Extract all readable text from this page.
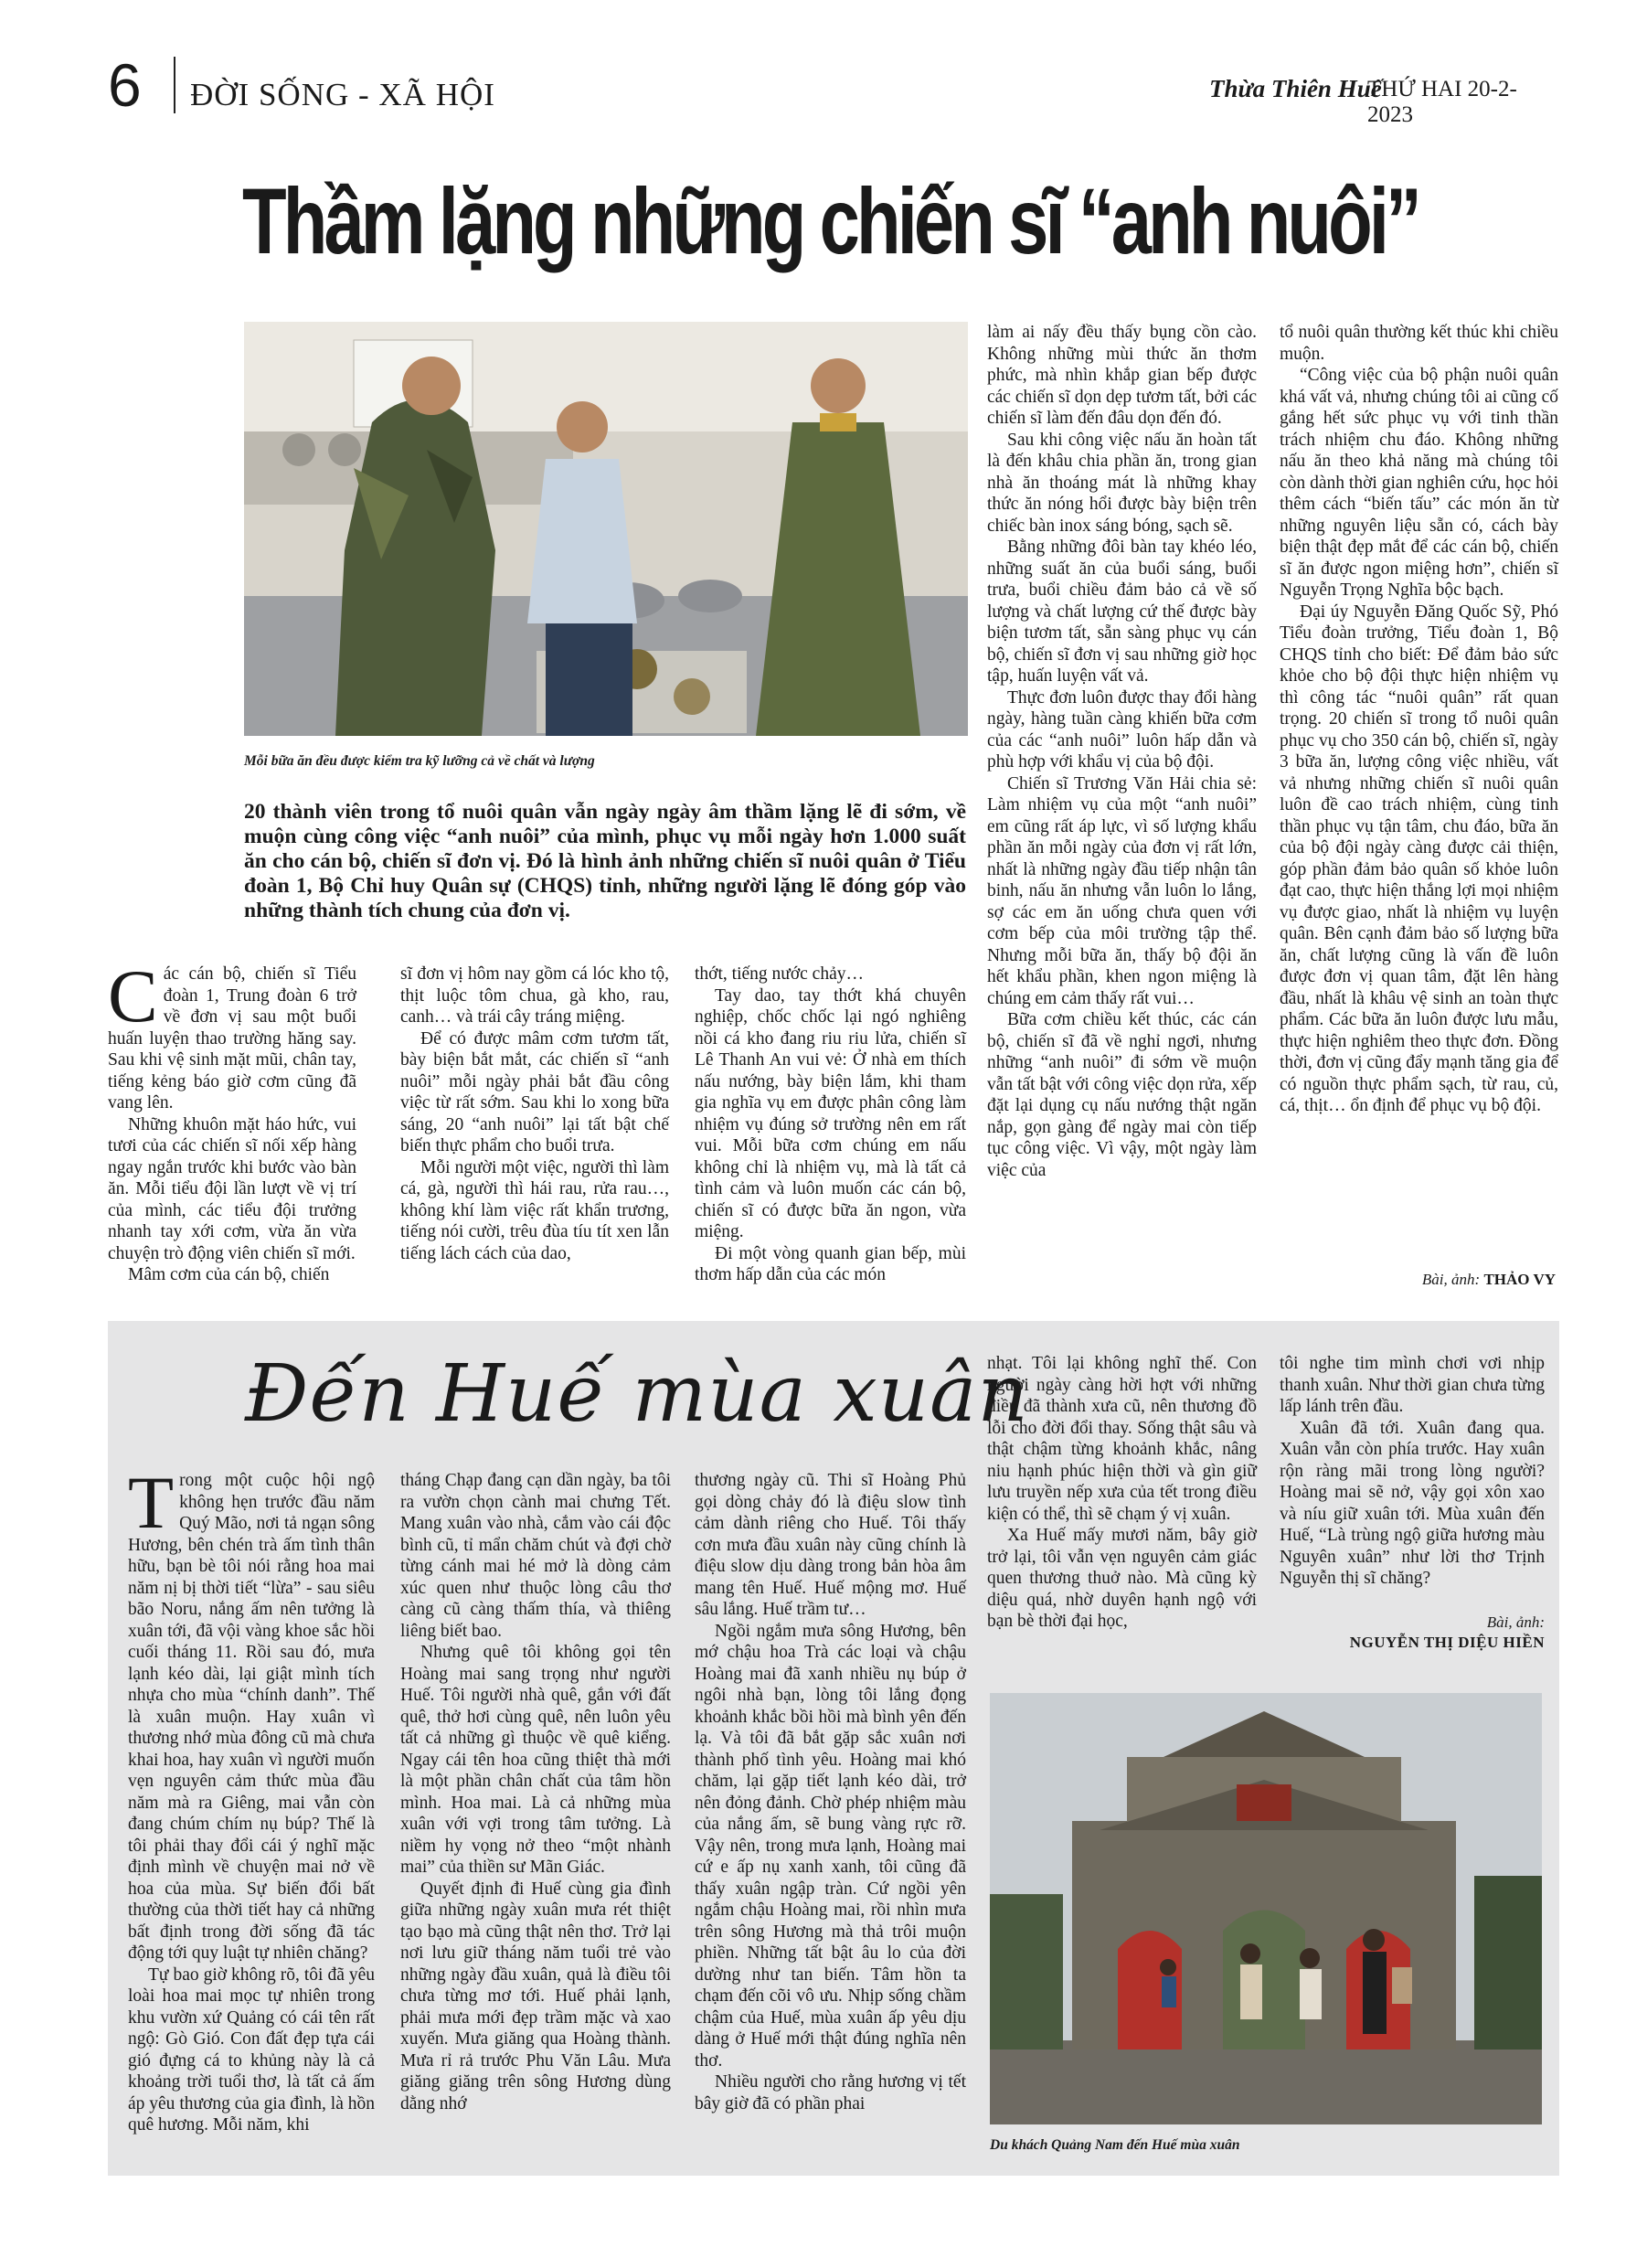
6 ĐỜI SỐNG - XÃ HỘI	Thừa Thiên Huế
THỨ HAI 20-2-2023
Thầm lặng những chiến sĩ “anh nuôi”
Mỗi bữa ăn đều được kiểm tra kỹ lưỡng cả về chất và lượng
20 thành viên trong tổ nuôi quân vẫn ngày ngày âm thầm lặng lẽ đi sớm, về muộn cùng công việc “anh nuôi” của mình, phục vụ mỗi ngày hơn 1.000 suất ăn cho cán bộ, chiến sĩ đơn vị. Đó là hình ảnh những chiến sĩ nuôi quân ở Tiểu đoàn 1, Bộ Chỉ huy Quân sự (CHQS) tỉnh, những người lặng lẽ đóng góp vào những thành tích chung của đơn vị.

Các cán bộ, chiến sĩ Tiểu đoàn 1, Trung đoàn 6 trở về đơn vị sau một buổi huấn luyện thao trường hăng say. Sau khi vệ sinh mặt mũi, chân tay, tiếng kẻng báo giờ cơm cũng đã vang lên.

Những khuôn mặt háo hức, vui tươi của các chiến sĩ nối xếp hàng ngay ngắn trước khi bước vào bàn ăn. Mỗi tiểu đội lần lượt về vị trí của mình, các tiểu đội trưởng nhanh tay xới cơm, vừa ăn vừa chuyện trò động viên chiến sĩ mới.

Mâm cơm của cán bộ, chiến

sĩ đơn vị hôm nay gồm cá lóc kho tộ, thịt luộc tôm chua, gà kho, rau, canh… và trái cây tráng miệng.

Để có được mâm cơm tươm tất, bày biện bắt mắt, các chiến sĩ “anh nuôi” mỗi ngày phải bắt đầu công việc từ rất sớm. Sau khi lo xong bữa sáng, 20 “anh nuôi” lại tất bật chế biến thực phẩm cho buổi trưa.

Mỗi người một việc, người thì làm cá, gà, người thì hái rau, rửa rau…, không khí làm việc rất khẩn trương, tiếng nói cười, trêu đùa tíu tít xen lẫn tiếng lách cách của dao,

thớt, tiếng nước chảy…

Tay dao, tay thớt khá chuyên nghiệp, chốc chốc lại ngó nghiêng nồi cá kho đang riu riu lửa, chiến sĩ Lê Thanh An vui vẻ: Ở nhà em thích nấu nướng, bày biện lắm, khi tham gia nghĩa vụ em được phân công làm nhiệm vụ đúng sở trường nên em rất vui. Mỗi bữa cơm chúng em nấu không chỉ là nhiệm vụ, mà là tất cả tình cảm và luôn muốn các cán bộ, chiến sĩ có được bữa ăn ngon, vừa miệng.

Đi một vòng quanh gian bếp, mùi thơm hấp dẫn của các món

làm ai nấy đều thấy bụng cồn cào. Không những mùi thức ăn thơm phức, mà nhìn khắp gian bếp được các chiến sĩ dọn dẹp tươm tất, bởi các chiến sĩ làm đến đâu dọn đến đó.

Sau khi công việc nấu ăn hoàn tất là đến khâu chia phần ăn, trong gian nhà ăn thoáng mát là những khay thức ăn nóng hổi được bày biện trên chiếc bàn inox sáng bóng, sạch sẽ.

Bằng những đôi bàn tay khéo léo, những suất ăn của buổi sáng, buổi trưa, buổi chiều đảm bảo cả về số lượng và chất lượng cứ thế được bày biện tươm tất, sẵn sàng phục vụ cán bộ, chiến sĩ đơn vị sau những giờ học tập, huấn luyện vất vả.

Thực đơn luôn được thay đổi hàng ngày, hàng tuần càng khiến bữa cơm của các “anh nuôi” luôn hấp dẫn và phù hợp với khẩu vị của bộ đội.

Chiến sĩ Trương Văn Hải chia sẻ: Làm nhiệm vụ của một “anh nuôi” em cũng rất áp lực, vì số lượng khẩu phần ăn mỗi ngày của đơn vị rất lớn, nhất là những ngày đầu tiếp nhận tân binh, nấu ăn nhưng vẫn luôn lo lắng, sợ các em ăn uống chưa quen với cơm bếp của môi trường tập thể. Nhưng mỗi bữa ăn, thấy bộ đội ăn hết khẩu phần, khen ngon miệng là chúng em cảm thấy rất vui…

Bữa cơm chiều kết thúc, các cán bộ, chiến sĩ đã về nghỉ ngơi, nhưng những “anh nuôi” đi sớm về muộn vẫn tất bật với công việc dọn rửa, xếp đặt lại dụng cụ nấu nướng thật ngăn nắp, gọn gàng để ngày mai còn tiếp tục công việc. Vì vậy, một ngày làm việc của

tổ nuôi quân thường kết thúc khi chiều muộn.

“Công việc của bộ phận nuôi quân khá vất vả, nhưng chúng tôi ai cũng cố gắng hết sức phục vụ với tinh thần trách nhiệm chu đáo. Không những nấu ăn theo khả năng mà chúng tôi còn dành thời gian nghiên cứu, học hỏi thêm cách “biến tấu” các món ăn từ những nguyên liệu sẵn có, cách bày biện thật đẹp mắt để các cán bộ, chiến sĩ ăn được ngon miệng hơn”, chiến sĩ Nguyễn Trọng Nghĩa bộc bạch.

Đại úy Nguyễn Đăng Quốc Sỹ, Phó Tiểu đoàn trưởng, Tiểu đoàn 1, Bộ CHQS tỉnh cho biết: Để đảm bảo sức khỏe cho bộ đội thực hiện nhiệm vụ thì công tác “nuôi quân” rất quan trọng. 20 chiến sĩ trong tổ nuôi quân phục vụ cho 350 cán bộ, chiến sĩ, ngày 3 bữa ăn, lượng công việc nhiều, vất vả nhưng những chiến sĩ nuôi quân luôn đề cao trách nhiệm, cùng tinh thần phục vụ tận tâm, chu đáo, bữa ăn của bộ đội ngày càng được cải thiện, góp phần đảm bảo quân số khỏe luôn đạt cao, thực hiện thắng lợi mọi nhiệm vụ được giao, nhất là nhiệm vụ luyện quân. Bên cạnh đảm bảo số lượng bữa ăn, chất lượng cũng là vấn đề luôn được đơn vị quan tâm, đặt lên hàng đầu, nhất là khâu vệ sinh an toàn thực phẩm. Các bữa ăn luôn được lưu mẫu, thực hiện nghiêm theo thực đơn. Đồng thời, đơn vị cũng đẩy mạnh tăng gia để có nguồn thực phẩm sạch, từ rau, củ, cá, thịt… ổn định để phục vụ bộ đội.

Bài, ảnh: THẢO VY
Đến Huế mùa xuân

Trong một cuộc hội ngộ không hẹn trước đầu năm Quý Mão, nơi tả ngạn sông Hương, bên chén trà ấm tình thân hữu, bạn bè tôi nói rằng hoa mai năm nị bị thời tiết “lừa” - sau siêu bão Noru, nắng ấm nên tưởng là xuân tới, đã vội vàng khoe sắc hồi cuối tháng 11. Rồi sau đó, mưa lạnh kéo dài, lại giật mình tích nhựa cho mùa “chính danh”. Thế là xuân muộn. Hay xuân vì thương nhớ mùa đông cũ mà chưa khai hoa, hay xuân vì người muốn vẹn nguyên cảm thức mùa đầu năm mà ra Giêng, mai vẫn còn đang chúm chím nụ búp? Thế là tôi phải thay đổi cái ý nghĩ mặc định mình về chuyện mai nở về hoa của mùa. Sự biến đổi bất thường của thời tiết hay cả những bất định trong đời sống đã tác động tới quy luật tự nhiên chăng?

Tự bao giờ không rõ, tôi đã yêu loài hoa mai mọc tự nhiên trong khu vườn xứ Quảng có cái tên rất ngộ: Gò Gió. Con đất đẹp tựa cái gió đựng cá to khủng này là cả khoảng trời tuổi thơ, là tất cả ấm áp yêu thương của gia đình, là hồn quê hương. Mỗi năm, khi

tháng Chạp đang cạn dần ngày, ba tôi ra vườn chọn cành mai chưng Tết. Mang xuân vào nhà, cắm vào cái độc bình cũ, tỉ mẩn chăm chút và đợi chờ từng cánh mai hé mở là dòng cảm xúc quen như thuộc lòng câu thơ càng cũ càng thấm thía, và thiêng liêng biết bao.

Nhưng quê tôi không gọi tên Hoàng mai sang trọng như người Huế. Tôi người nhà quê, gắn với đất quê, thở hơi cùng quê, nên luôn yêu tất cả những gì thuộc về quê kiểng. Ngay cái tên hoa cũng thiệt thà mới là một phần chân chất của tâm hồn mình. Hoa mai. Là cả những mùa xuân với vợi trong tâm tưởng. Là niềm hy vọng nở theo “một nhành mai” của thiền sư Mãn Giác.

Quyết định đi Huế cùng gia đình giữa những ngày xuân mưa rét thiệt tạo bạo mà cũng thật nên thơ. Trở lại nơi lưu giữ tháng năm tuổi trẻ vào những ngày đầu xuân, quả là điều tôi chưa từng mơ tới. Huế phải lạnh, phải mưa mới đẹp trầm mặc và xao xuyến. Mưa giăng qua Hoàng thành. Mưa rỉ rả trước Phu Văn Lâu. Mưa giăng giăng trên sông Hương dùng dằng nhớ

thương ngày cũ. Thi sĩ Hoàng Phủ gọi dòng chảy đó là điệu slow tình cảm dành riêng cho Huế. Tôi thấy cơn mưa đầu xuân này cũng chính là điệu slow dịu dàng trong bản hòa âm mang tên Huế. Huế mộng mơ. Huế sâu lắng. Huế trầm tư…

Ngồi ngắm mưa sông Hương, bên mớ chậu hoa Trà các loại và chậu Hoàng mai đã xanh nhiều nụ búp ở ngôi nhà bạn, lòng tôi lắng đọng khoảnh khắc bồi hồi mà bình yên đến lạ. Và tôi đã bắt gặp sắc xuân nơi thành phố tình yêu. Hoàng mai khó chăm, lại gặp tiết lạnh kéo dài, trở nên đỏng đảnh. Chờ phép nhiệm màu của nắng ấm, sẽ bung vàng rực rỡ. Vậy nên, trong mưa lạnh, Hoàng mai cứ e ấp nụ xanh xanh, tôi cũng đã thấy xuân ngập tràn. Cứ ngồi yên ngắm chậu Hoàng mai, rồi nhìn mưa trên sông Hương mà thả trôi muộn phiền. Những tất bật âu lo của đời dường như tan biến. Tâm hồn ta chạm đến cõi vô ưu. Nhịp sống chầm chậm của Huế, mùa xuân ấp yêu dịu dàng ở Huế mới thật đúng nghĩa nên thơ.

Nhiều người cho rằng hương vị tết bây giờ đã có phần phai

nhạt. Tôi lại không nghĩ thế. Con người ngày càng hời hợt với những điều đã thành xưa cũ, nên thương đồ lỗi cho đời đổi thay. Sống thật sâu và thật chậm từng khoảnh khắc, nâng niu hạnh phúc hiện thời và gìn giữ lưu truyền nếp xưa của tết trong điều kiện có thể, thì sẽ chạm ý vị xuân.

Xa Huế mấy mươi năm, bây giờ trở lại, tôi vẫn vẹn nguyên cảm giác quen thương thuở nào. Mà cũng kỳ diệu quá, nhờ duyên hạnh ngộ với bạn bè thời đại học,

tôi nghe tim mình chơi vơi nhịp thanh xuân. Như thời gian chưa từng lấp lánh trên đầu.

Xuân đã tới. Xuân đang qua. Xuân vẫn còn phía trước. Hay xuân rộn ràng mãi trong lòng người? Hoàng mai sẽ nở, vậy gọi xôn xao và níu giữ xuân tới. Mùa xuân đến Huế, “Là trùng ngộ giữa hương màu Nguyên xuân” như lời thơ Trịnh Nguyễn thị sĩ chăng?

Bài, ảnh:
NGUYỄN THỊ DIỆU HIỀN
Du khách Quảng Nam đến Huế mùa xuân
